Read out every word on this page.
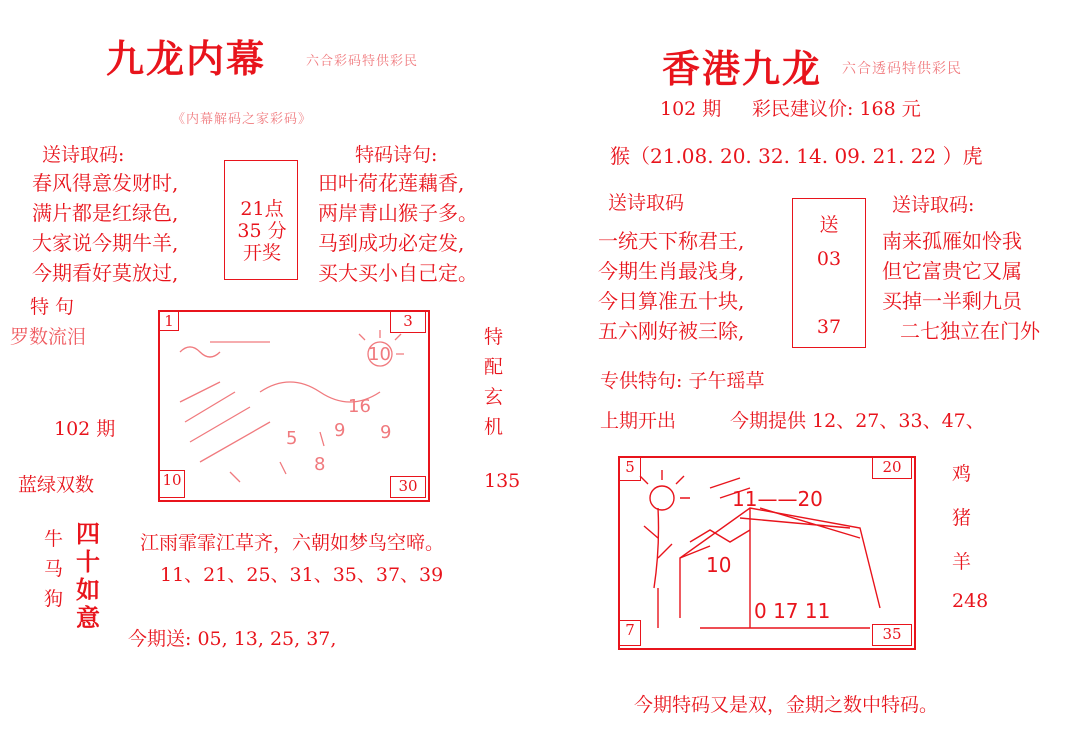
九龙内幕	六合彩码特供彩民
《内幕解码之家彩码》
送诗取码:	特码诗句:
春风得意发财时,
满片都是红绿色,
大家说今期牛羊,
今期看好莫放过,
21点
35 分
开奖
田叶荷花莲藕香,
两岸青山猴子多。
马到成功必定发,
买大买小自己定。
特 句
罗数流泪
102 期
蓝绿双数
1	3
10	30
10
16
9
5
8
9
特
配
玄
机
135
牛
马
狗
四
十
如
意
江雨霏霏江草齐，六朝如梦鸟空啼。
11、21、25、31、35、37、39
今期送: 05, 13, 25, 37,
香港九龙 六合透码特供彩民
102 期 彩民建议价: 168 元
猴（21.08. 20. 32. 14. 09. 21. 22 ）虎
送诗取码	送诗取码:
一统天下称君王,
今期生肖最浅身,
今日算准五十块,
五六刚好被三除,
送
03
37
南来孤雁如怜我
但它富贵它又属
买掉一半剩九员
二七独立在门外
专供特句: 子午瑶草
上期开出	今期提供 12、27、33、47、
5	20
7	35
11——20
10
0 17 11
鸡
猪
羊
248
今期特码又是双，金期之数中特码。
